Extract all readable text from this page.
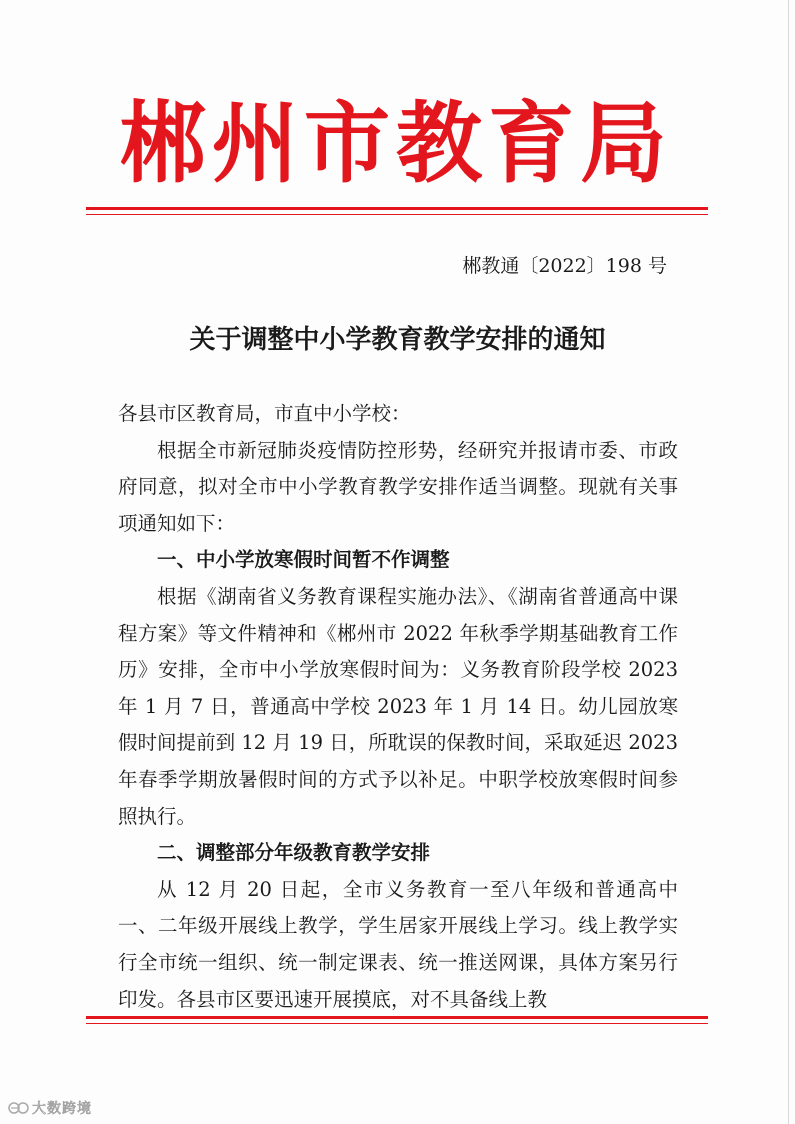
郴州市教育局
郴教通〔2022〕198 号
关于调整中小学教育教学安排的通知

各县市区教育局，市直中小学校：

根据全市新冠肺炎疫情防控形势，经研究并报请市委、市政府同意，拟对全市中小学教育教学安排作适当调整。现就有关事项通知如下：

一、中小学放寒假时间暂不作调整

根据《湖南省义务教育课程实施办法》、《湖南省普通高中课程方案》等文件精神和《郴州市 2022 年秋季学期基础教育工作历》安排，全市中小学放寒假时间为：义务教育阶段学校 2023 年 1 月 7 日，普通高中学校 2023 年 1 月 14 日。幼儿园放寒假时间提前到 12 月 19 日，所耽误的保教时间，采取延迟 2023 年春季学期放暑假时间的方式予以补足。中职学校放寒假时间参照执行。

二、调整部分年级教育教学安排

从 12 月 20 日起，全市义务教育一至八年级和普通高中一、二年级开展线上教学，学生居家开展线上学习。线上教学实行全市统一组织、统一制定课表、统一推送网课，具体方案另行印发。各县市区要迅速开展摸底，对不具备线上教

大数跨境
